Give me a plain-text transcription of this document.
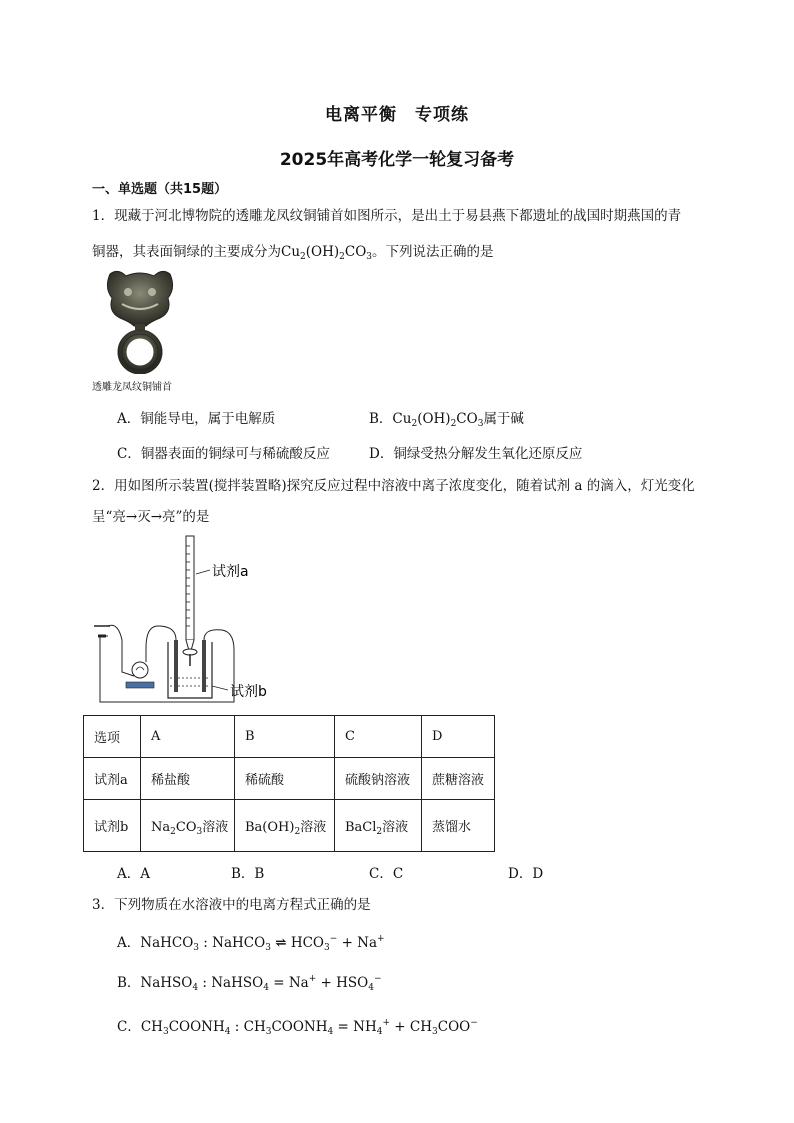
电离平衡　专项练
2025年高考化学一轮复习备考
一、单选题（共15题）
1．现藏于河北博物院的透雕龙凤纹铜铺首如图所示，是出土于易县燕下都遗址的战国时期燕国的青
铜器，其表面铜绿的主要成分为$Cu_2(OH)_2CO_3$。下列说法正确的是
透雕龙凤纹铜铺首
A．铜能导电，属于电解质	B．$Cu_2(OH)_2CO_3$属于碱
C．铜器表面的铜绿可与稀硫酸反应	D．铜绿受热分解发生氧化还原反应
2．用如图所示装置(搅拌装置略)探究反应过程中溶液中离子浓度变化，随着试剂 a 的滴入，灯光变化
呈“亮→灭→亮”的是
试剂a
试剂b
选项	A	B	C	D
试剂a	稀盐酸	稀硫酸	硫酸钠溶液	蔗糖溶液
试剂b	$Na_2CO_3$溶液	$Ba(OH)_2$溶液	BaCl$_2$溶液	蒸馏水
A．A	B．B	C．C	D．D
3．下列物质在水溶液中的电离方程式正确的是
A．NaHCO$_3$ : NaHCO$_3$ ⇌ $HCO_3^- + Na^+$
B．NaHSO$_4$ : NaHSO$_4$ = $Na^+ + HSO_4^-$
C．$CH_3COONH_4$ : $CH_3COONH_4 = NH_4^+ + CH_3COO^-$
